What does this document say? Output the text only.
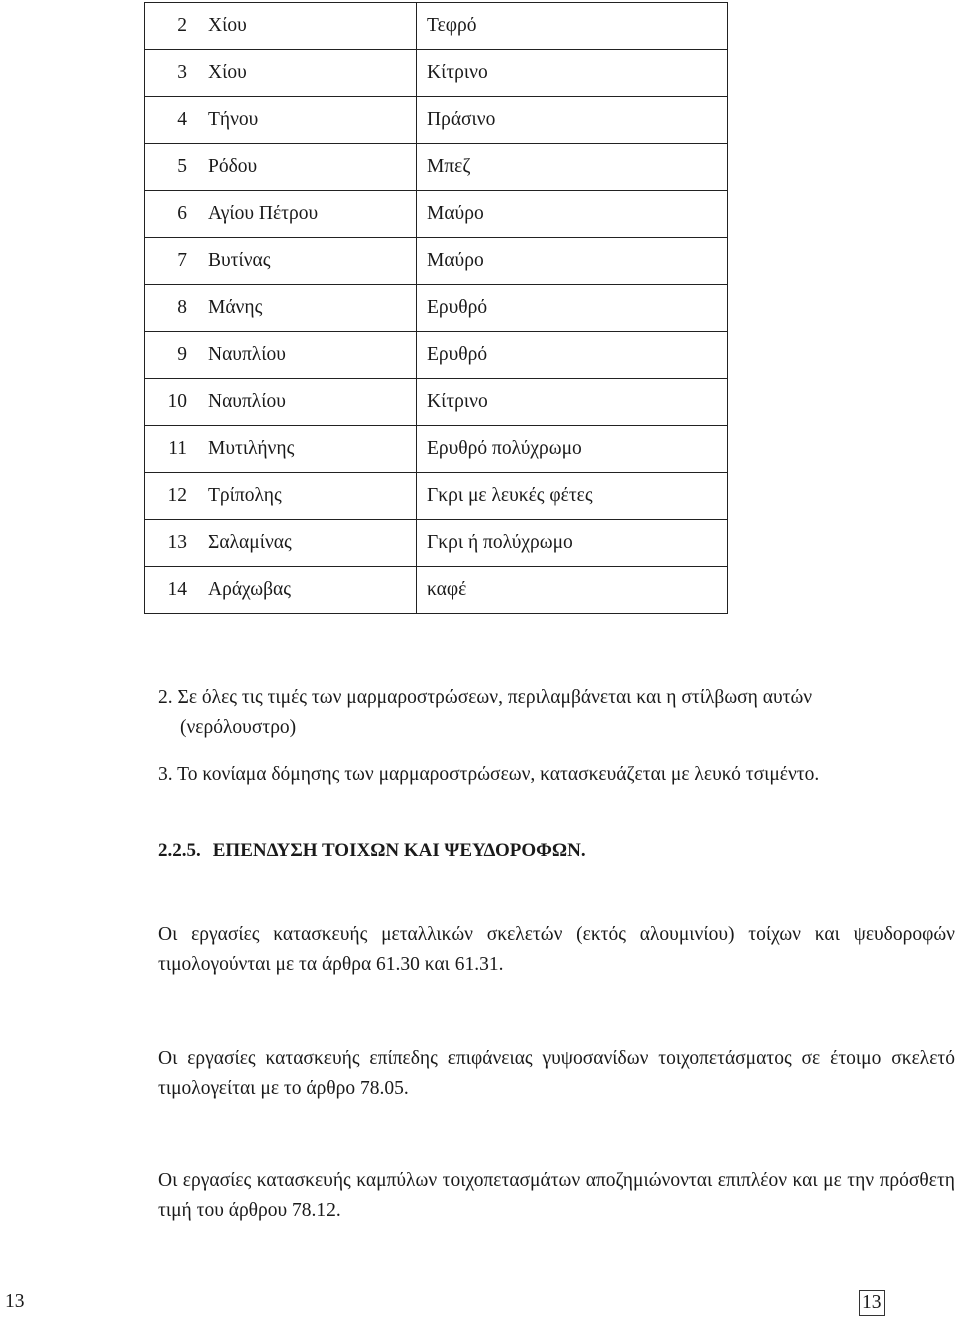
2 Χίου	Τεφρό
3 Χίου	Κίτρινο
4 Τήνου	Πράσινο
5 Ρόδου	Μπεζ
6 Αγίου Πέτρου	Μαύρο
7 Βυτίνας	Μαύρο
8 Μάνης	Ερυθρό
9 Ναυπλίου	Ερυθρό
10 Ναυπλίου	Κίτρινο
11 Μυτιλήνης	Ερυθρό πολύχρωμο
12 Τρίπολης	Γκρι με λευκές φέτες
13 Σαλαμίνας	Γκρι ή πολύχρωμο
14 Αράχωβας	καφέ
2. Σε όλες τις τιμές των μαρμαροστρώσεων, περιλαμβάνεται και η στίλβωση αυτών
(νερόλουστρο)
3. Το κονίαμα δόμησης των μαρμαροστρώσεων, κατασκευάζεται με λευκό τσιμέντο.
2.2.5. ΕΠΕΝΔΥΣΗ ΤΟΙΧΩΝ ΚΑΙ ΨΕΥΔΟΡΟΦΩΝ.

Οι εργασίες κατασκευής μεταλλικών σκελετών (εκτός αλουμινίου) τοίχων και ψευδοροφών τιμολογούνται με τα άρθρα 61.30 και 61.31.

Οι εργασίες κατασκευής επίπεδης επιφάνειας γυψοσανίδων τοιχοπετάσματος σε έτοιμο σκελετό τιμολογείται με το άρθρο 78.05.

Οι εργασίες κατασκευής καμπύλων τοιχοπετασμάτων αποζημιώνονται επιπλέον και με την πρόσθετη τιμή του άρθρου 78.12.

13	13
